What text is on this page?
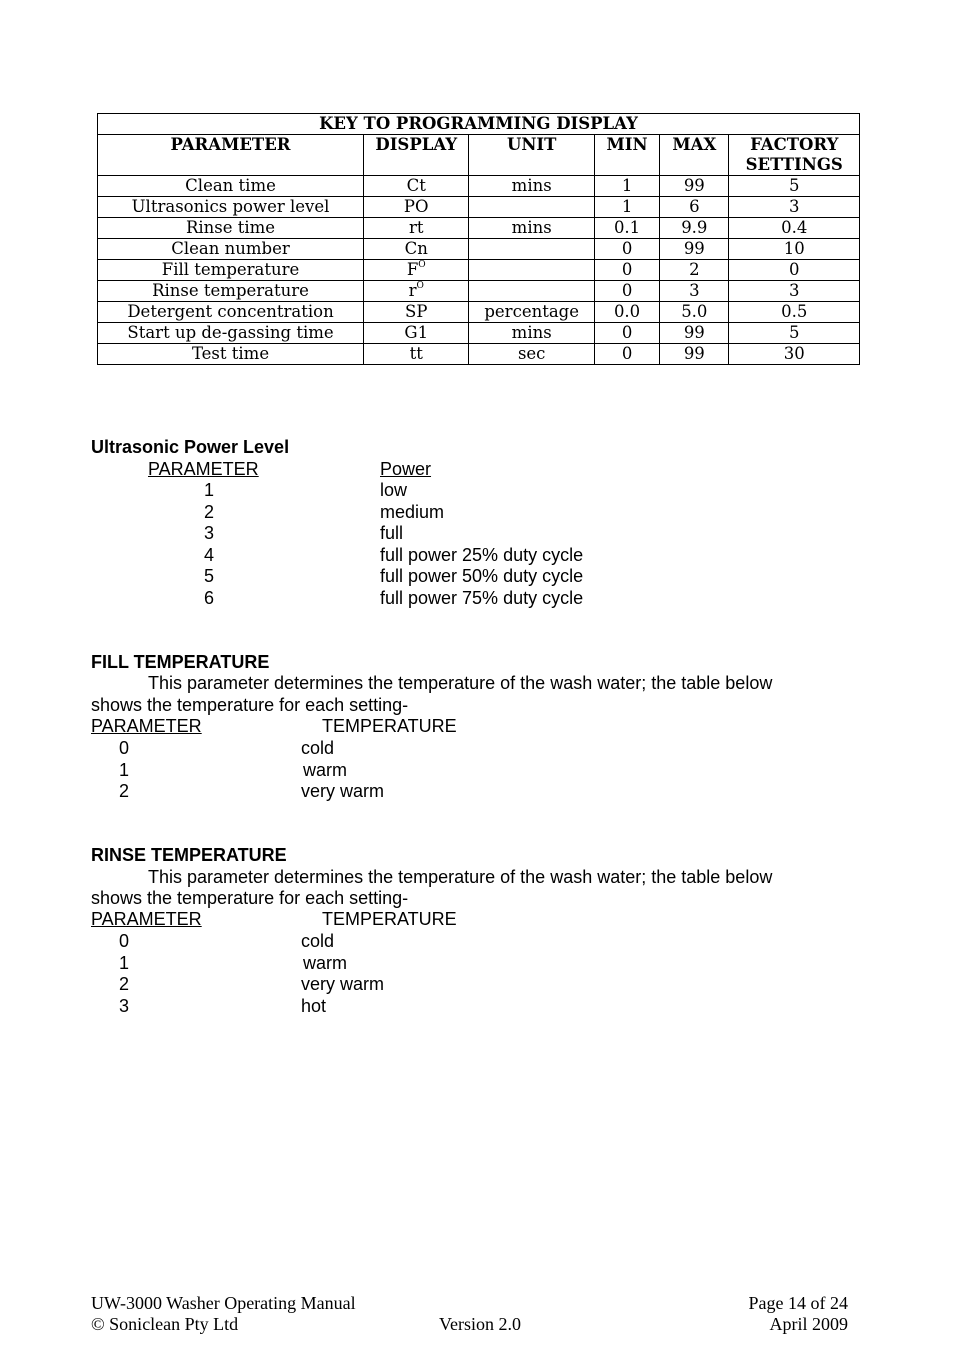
KEY TO PROGRAMMING DISPLAY					
PARAMETER	DISPLAY	UNIT	MIN	MAX	FACTORY SETTINGS
Clean time	Ct	mins	1	99	5
Ultrasonics power level	PO		1	6	3
Rinse time	rt	mins	0.1	9.9	0.4
Clean number	Cn		0	99	10
Fill temperature	$F^O$		0	2	0
Rinse temperature	$r^O$		0	3	3
Detergent concentration	SP	percentage	0.0	5.0	0.5
Start up de-gassing time	G1	mins	0	99	5
Test time	tt	sec	0	99	30
Ultrasonic Power Level
PARAMETER	Power
1	low
2	medium
3	full
4	full power 25% duty cycle
5	full power 50% duty cycle
6	full power 75% duty cycle
FILL TEMPERATURE
This parameter determines the temperature of the wash water; the table below
shows the temperature for each setting-
PARAMETER	TEMPERATURE
0	cold
1	warm
2	very warm
RINSE TEMPERATURE
This parameter determines the temperature of the wash water; the table below
shows the temperature for each setting-
PARAMETER	TEMPERATURE
0	cold
1	warm
2	very warm
3	hot
UW-3000 Washer Operating Manual	Page 14 of 24
© Soniclean Pty Ltd	Version 2.0	April 2009
